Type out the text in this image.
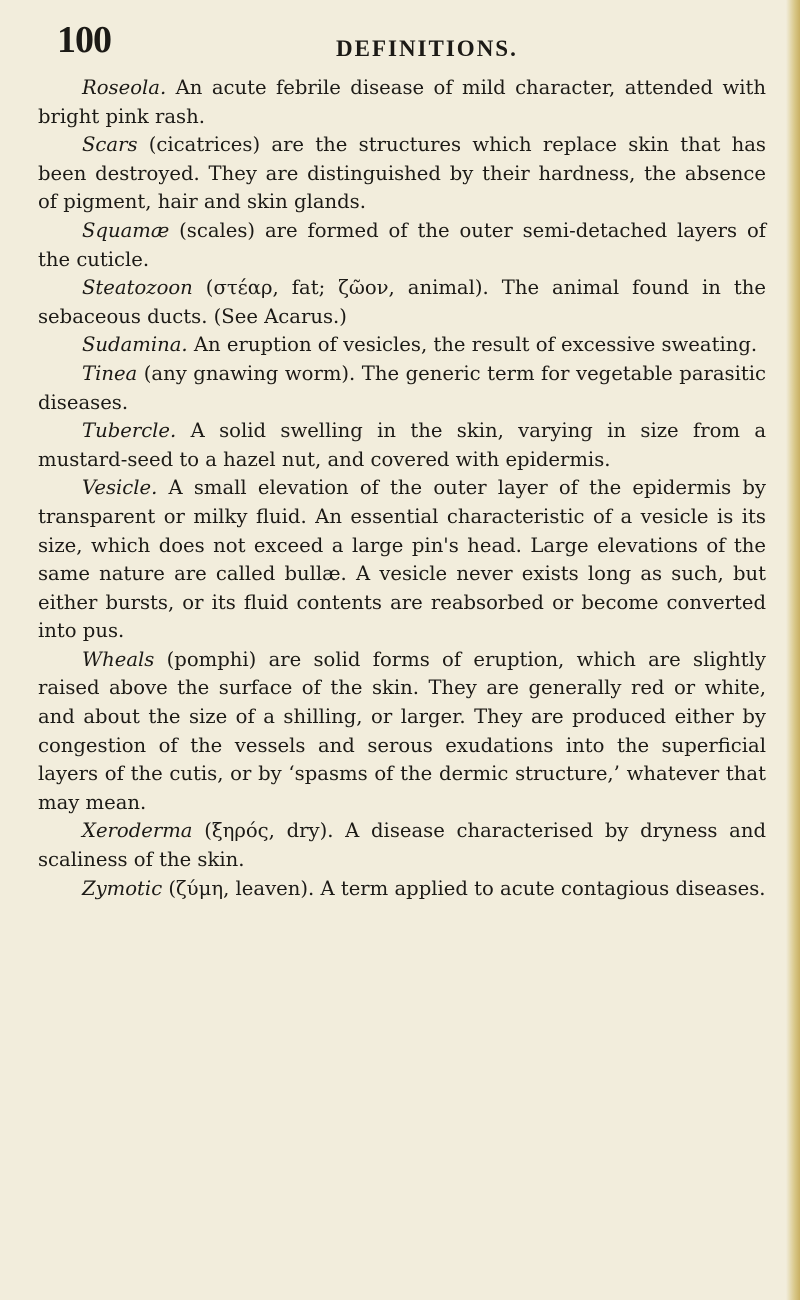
100	DEFINITIONS.

Roseola. An acute febrile disease of mild character, attended with bright pink rash.

Scars (cicatrices) are the structures which replace skin that has been destroyed. They are distinguished by their hardness, the absence of pigment, hair and skin glands.

Squamæ (scales) are formed of the outer semi-detached layers of the cuticle.

Steatozoon (στέαρ, fat; ζῶον, animal). The animal found in the sebaceous ducts. (See Acarus.)

Sudamina. An eruption of vesicles, the result of excessive sweating.

Tinea (any gnawing worm). The generic term for vegetable parasitic diseases.

Tubercle. A solid swelling in the skin, varying in size from a mustard-seed to a hazel nut, and covered with epidermis.

Vesicle. A small elevation of the outer layer of the epidermis by transparent or milky fluid. An essential characteristic of a vesicle is its size, which does not exceed a large pin's head. Large elevations of the same nature are called bullæ. A vesicle never exists long as such, but either bursts, or its fluid contents are reabsorbed or become converted into pus.

Wheals (pomphi) are solid forms of eruption, which are slightly raised above the surface of the skin. They are generally red or white, and about the size of a shilling, or larger. They are produced either by congestion of the vessels and serous exudations into the superficial layers of the cutis, or by ‘spasms of the dermic structure,’ whatever that may mean.

Xeroderma (ξηρός, dry). A disease characterised by dryness and scaliness of the skin.

Zymotic (ζύμη, leaven). A term applied to acute contagious diseases.
